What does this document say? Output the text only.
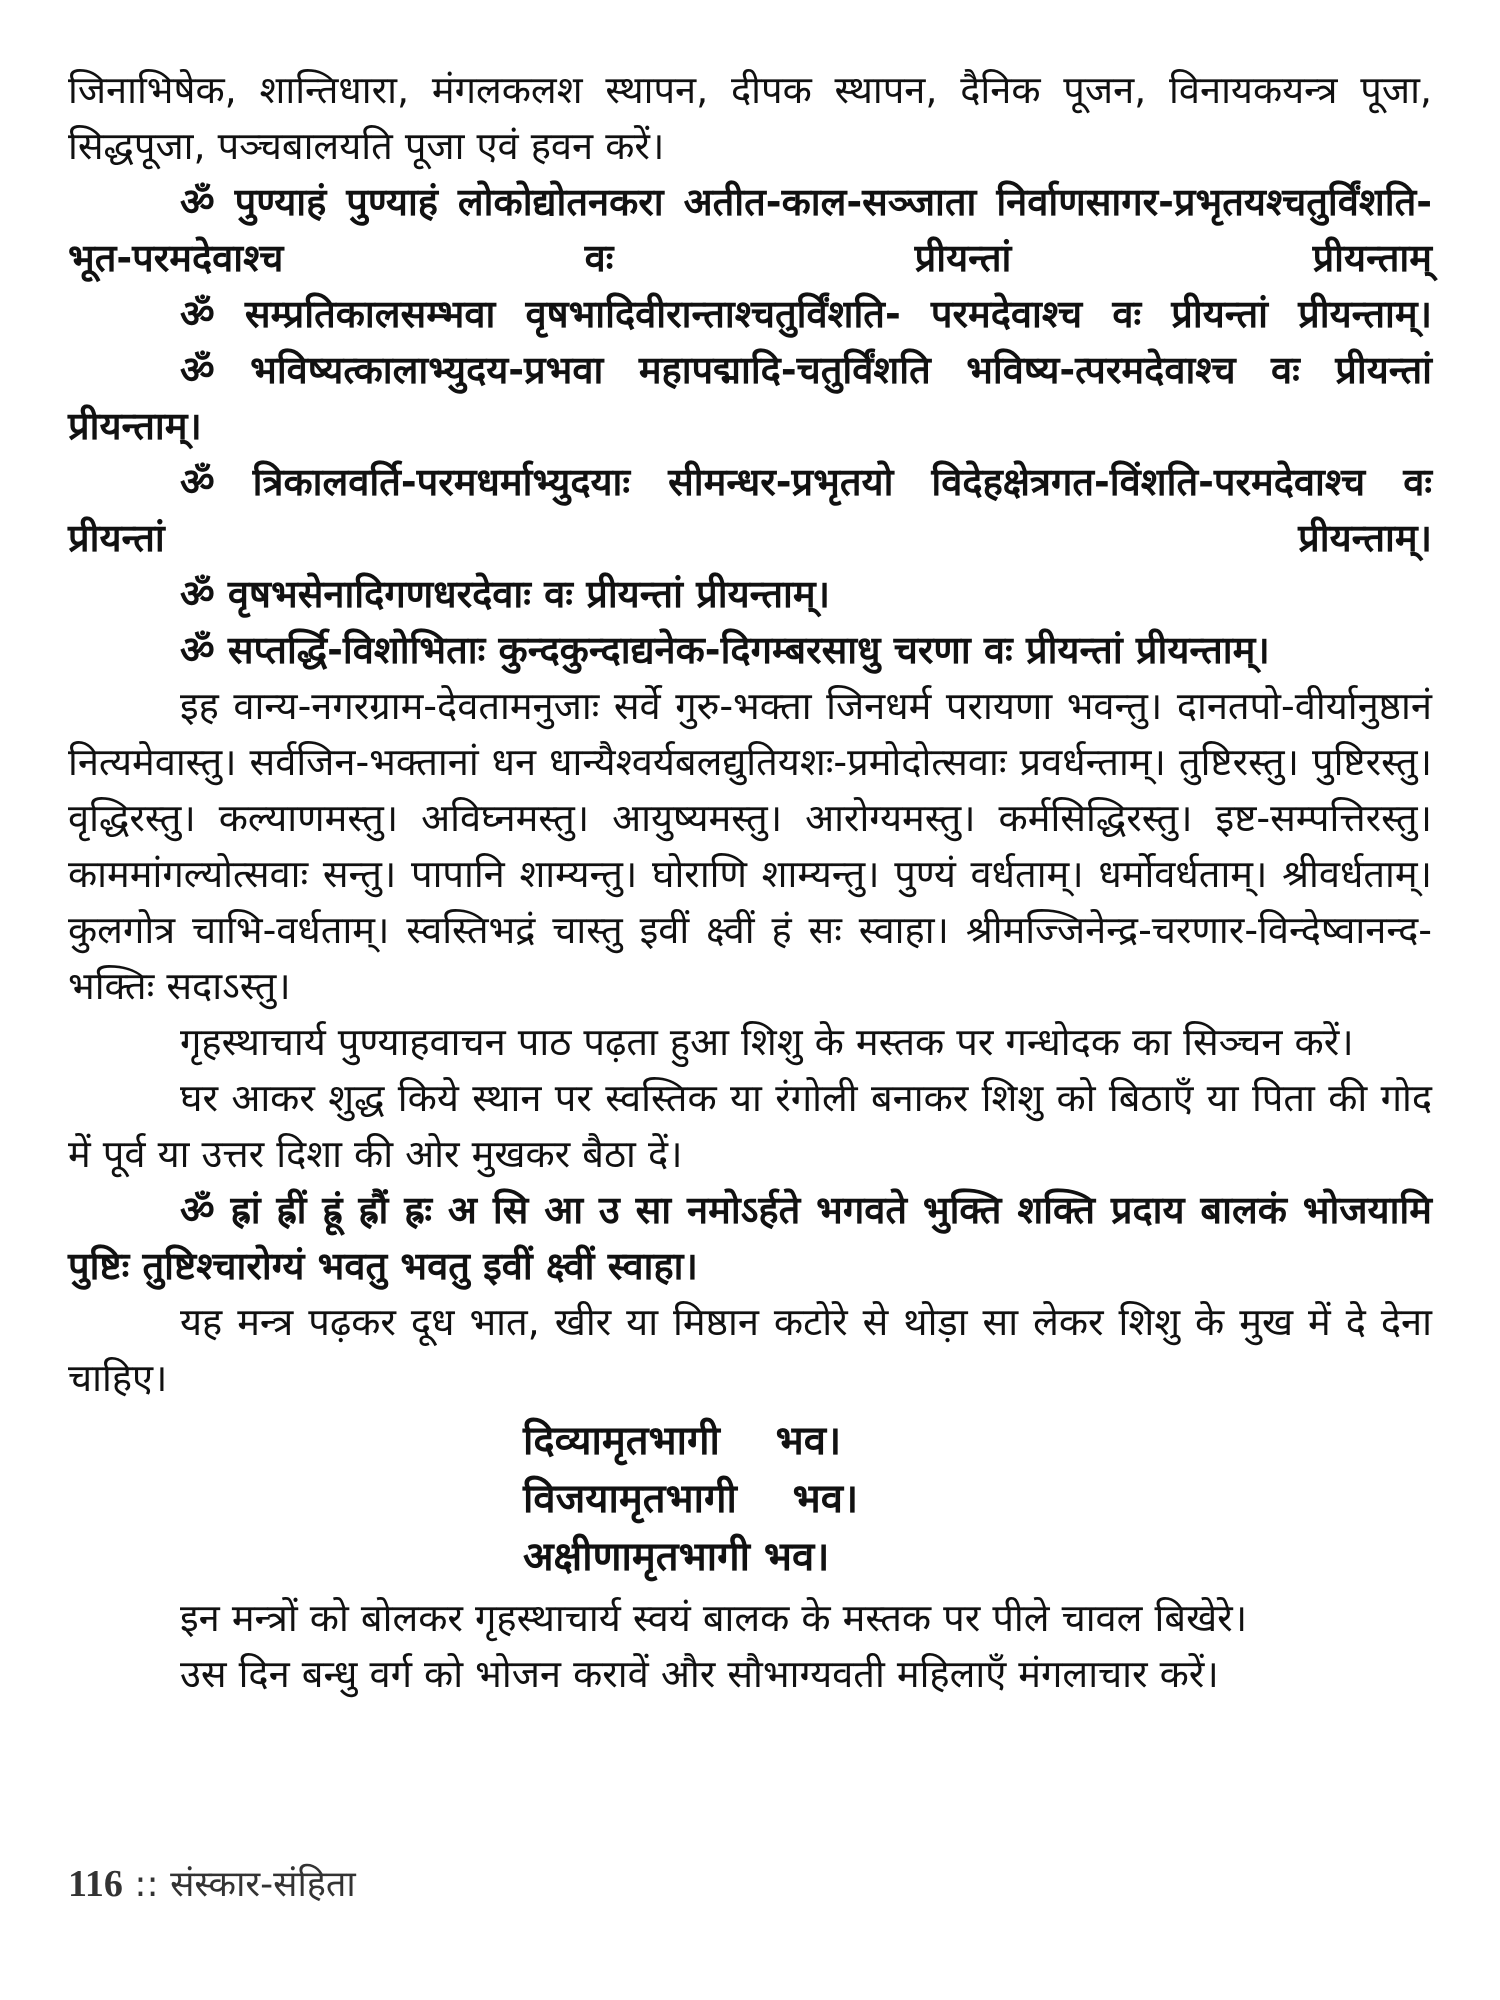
जिनाभिषेक, शान्तिधारा, मंगलकलश स्थापन, दीपक स्थापन, दैनिक पूजन, विनायकयन्त्र पूजा, सिद्धपूजा, पञ्चबालयति पूजा एवं हवन करें।

ॐ पुण्याहं पुण्याहं लोकोद्योतनकरा अतीत-काल-सञ्जाता निर्वाणसागर-प्रभृतयश्चतुर्विंशति-भूत-परमदेवाश्च वः प्रीयन्तां प्रीयन्ताम्

ॐ सम्प्रतिकालसम्भवा वृषभादिवीरान्ताश्चतुर्विंशति- परमदेवाश्च वः प्रीयन्तां प्रीयन्ताम्।

ॐ भविष्यत्कालाभ्युदय-प्रभवा महापद्मादि-चतुर्विंशति भविष्य-त्परमदेवाश्च वः प्रीयन्तां प्रीयन्ताम्।

ॐ त्रिकालवर्ति-परमधर्माभ्युदयाः सीमन्धर-प्रभृतयो विदेहक्षेत्रगत-विंशति-परमदेवाश्च वः प्रीयन्तां प्रीयन्ताम्।

ॐ वृषभसेनादिगणधरदेवाः वः प्रीयन्तां प्रीयन्ताम्।

ॐ सप्तर्द्धि-विशोभिताः कुन्दकुन्दाद्यनेक-दिगम्बरसाधु चरणा वः प्रीयन्तां प्रीयन्ताम्।

इह वान्य-नगरग्राम-देवतामनुजाः सर्वे गुरु-भक्ता जिनधर्म परायणा भवन्तु। दानतपो-वीर्यानुष्ठानं नित्यमेवास्तु। सर्वजिन-भक्तानां धन धान्यैश्वर्यबलद्युतियशः-प्रमोदोत्सवाः प्रवर्धन्ताम्। तुष्टिरस्तु। पुष्टिरस्तु। वृद्धिरस्तु। कल्याणमस्तु। अविघ्नमस्तु। आयुष्यमस्तु। आरोग्यमस्तु। कर्मसिद्धिरस्तु। इष्ट-सम्पत्तिरस्तु। काममांगल्योत्सवाः सन्तु। पापानि शाम्यन्तु। घोराणि शाम्यन्तु। पुण्यं वर्धताम्। धर्मोवर्धताम्। श्रीवर्धताम्। कुलगोत्र चाभि-वर्धताम्। स्वस्तिभद्रं चास्तु इवीं क्ष्वीं हं सः स्वाहा। श्रीमज्जिनेन्द्र-चरणार-विन्देष्वानन्द-भक्तिः सदाऽस्तु।

गृहस्थाचार्य पुण्याहवाचन पाठ पढ़ता हुआ शिशु के मस्तक पर गन्धोदक का सिञ्चन करें।

घर आकर शुद्ध किये स्थान पर स्वस्तिक या रंगोली बनाकर शिशु को बिठाएँ या पिता की गोद में पूर्व या उत्तर दिशा की ओर मुखकर बैठा दें।

ॐ ह्रां ह्रीं ह्रूं ह्रौं ह्रः अ सि आ उ सा नमोऽर्हते भगवते भुक्ति शक्ति प्रदाय बालकं भोजयामि पुष्टिः तुष्टिश्चारोग्यं भवतु भवतु इवीं क्ष्वीं स्वाहा।

यह मन्त्र पढ़कर दूध भात, खीर या मिष्ठान कटोरे से थोड़ा सा लेकर शिशु के मुख में दे देना चाहिए।

दिव्यामृतभागी    भव।

विजयामृतभागी    भव।

अक्षीणामृतभागी भव।

इन मन्त्रों को बोलकर गृहस्थाचार्य स्वयं बालक के मस्तक पर पीले चावल बिखेरे।

उस दिन बन्धु वर्ग को भोजन करावें और सौभाग्यवती महिलाएँ मंगलाचार करें।

116 :: संस्कार-संहिता
